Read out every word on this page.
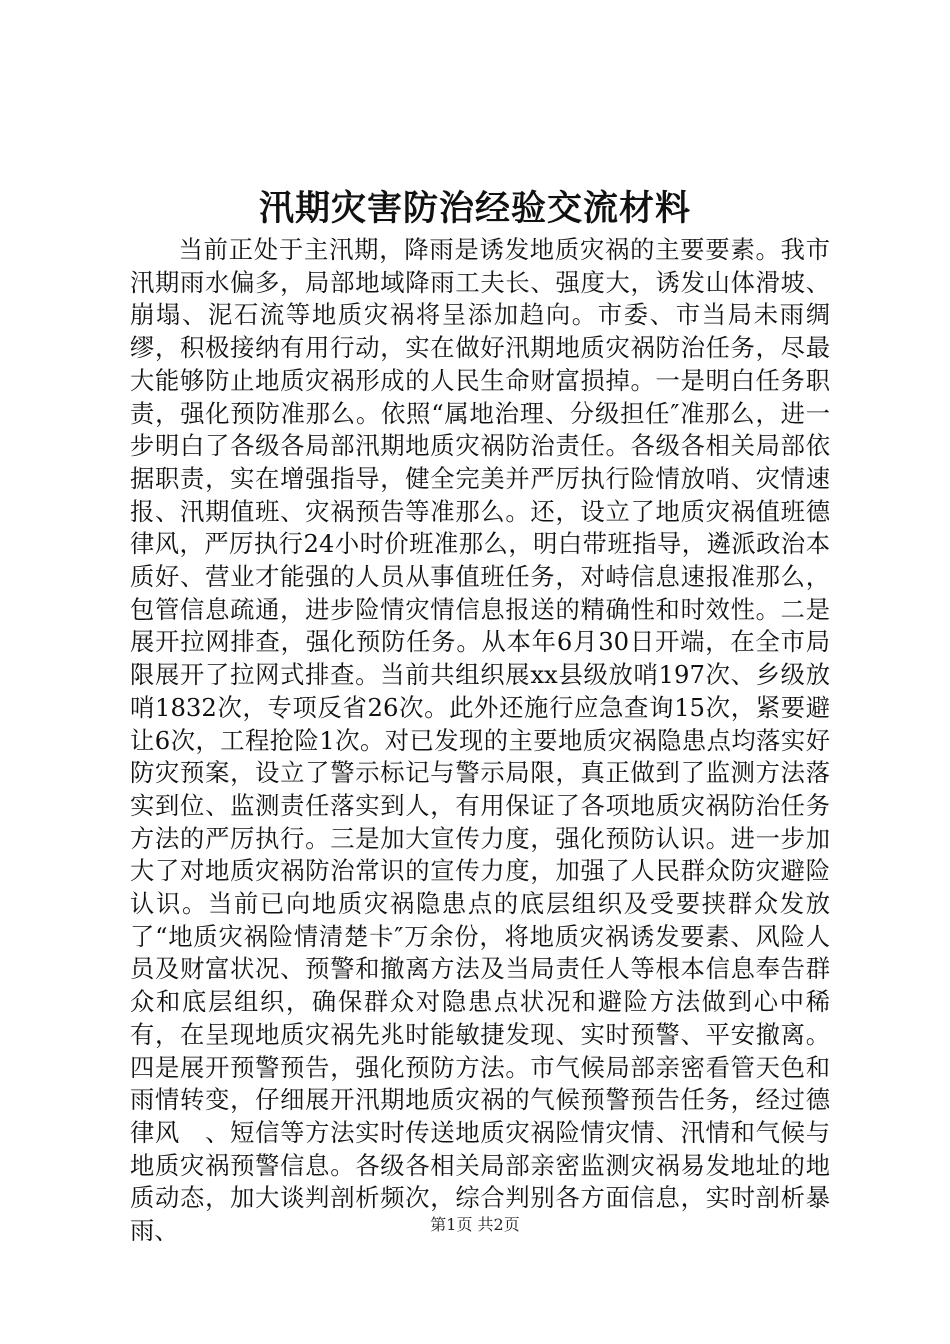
汛期灾害防治经验交流材料

当前正处于主汛期，降雨是诱发地质灾祸的主要要素。我市汛期雨水偏多，局部地域降雨工夫长、强度大，诱发山体滑坡、崩塌、泥石流等地质灾祸将呈添加趋向。市委、市当局未雨绸缪，积极接纳有用行动，实在做好汛期地质灾祸防治任务，尽最大能够防止地质灾祸形成的人民生命财富损掉。一是明白任务职责，强化预防准那么。依照“属地治理、分级担任″准那么，进一步明白了各级各局部汛期地质灾祸防治责任。各级各相关局部依据职责，实在增强指导，健全完美并严厉执行险情放哨、灾情速报、汛期值班、灾祸预告等准那么。还，设立了地质灾祸值班德律风，严厉执行24小时价班准那么，明白带班指导，遴派政治本质好、营业才能强的人员从事值班任务，对峙信息速报准那么，包管信息疏通，进步险情灾情信息报送的精确性和时效性。二是展开拉网排查，强化预防任务。从本年6月30日开端，在全市局限展开了拉网式排查。当前共组织展xx县级放哨197次、乡级放哨1832次，专项反省26次。此外还施行应急查询15次，紧要避让6次，工程抢险1次。对已发现的主要地质灾祸隐患点均落实好防灾预案，设立了警示标记与警示局限，真正做到了监测方法落实到位、监测责任落实到人，有用保证了各项地质灾祸防治任务方法的严厉执行。三是加大宣传力度，强化预防认识。进一步加大了对地质灾祸防治常识的宣传力度，加强了人民群众防灾避险认识。当前已向地质灾祸隐患点的底层组织及受要挟群众发放了“地质灾祸险情清楚卡″万余份，将地质灾祸诱发要素、风险人员及财富状况、预警和撤离方法及当局责任人等根本信息奉告群众和底层组织，确保群众对隐患点状况和避险方法做到心中稀有，在呈现地质灾祸先兆时能敏捷发现、实时预警、平安撤离。四是展开预警预告，强化预防方法。市气候局部亲密看管天色和雨情转变，仔细展开汛期地质灾祸的气候预警预告任务，经过德律风　、短信等方法实时传送地质灾祸险情灾情、汛情和气候与地质灾祸预警信息。各级各相关局部亲密监测灾祸易发地址的地质动态，加大谈判剖析频次，综合判别各方面信息，实时剖析暴雨、	第1页 共2页
